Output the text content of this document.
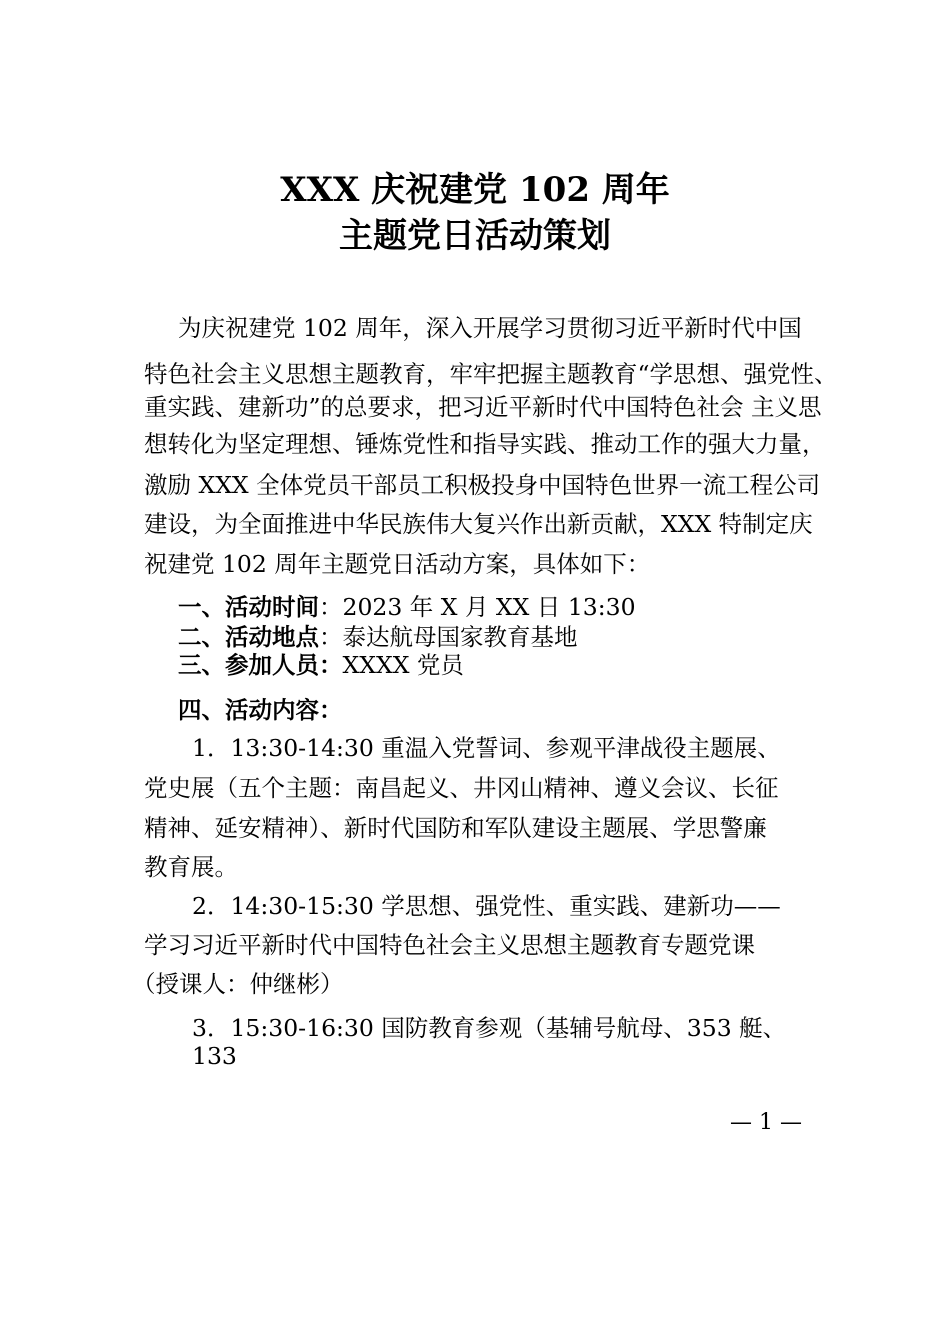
XXX 庆祝建党 102 周年
主题党日活动策划
为庆祝建党 102 周年，深入开展学习贯彻习近平新时代中国
特色社会主义思想主题教育，牢牢把握主题教育“学思想、强党性、
重实践、建新功”的总要求，把习近平新时代中国特色社会 主义思
想转化为坚定理想、锤炼党性和指导实践、推动工作的强大力量，
激励 XXX 全体党员干部员工积极投身中国特色世界一流工程公司
建设，为全面推进中华民族伟大复兴作出新贡献，XXX 特制定庆
祝建党 102 周年主题党日活动方案，具体如下：
一、活动时间：2023 年 X 月 XX 日 13:30
二、活动地点：泰达航母国家教育基地
三、参加人员：XXXX 党员
四、活动内容：
1．13:30-14:30 重温入党誓词、参观平津战役主题展、
党史展（五个主题：南昌起义、井冈山精神、遵义会议、长征
精神、延安精神）、新时代国防和军队建设主题展、学思警廉
教育展。
2．14:30-15:30 学思想、强党性、重实践、建新功——
学习习近平新时代中国特色社会主义思想主题教育专题党课
（授课人：仲继彬）
3．15:30-16:30 国防教育参观（基辅号航母、353 艇、
133
— 1 —
